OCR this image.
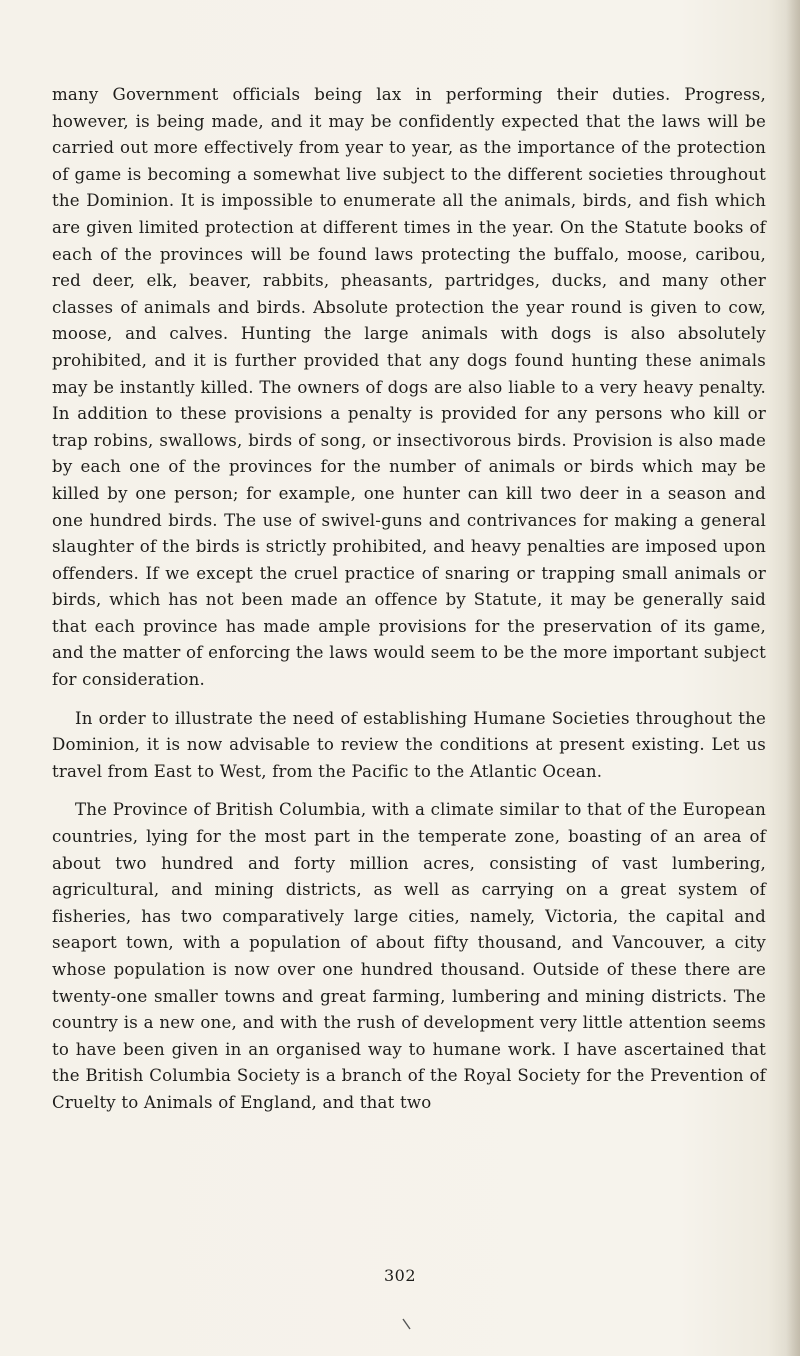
many Government officials being lax in performing their duties. Progress, however, is being made, and it may be confidently expected that the laws will be carried out more effectively from year to year, as the importance of the protection of game is becoming a somewhat live subject to the different societies throughout the Dominion. It is impossible to enumerate all the animals, birds, and fish which are given limited protection at different times in the year. On the Statute books of each of the provinces will be found laws protecting the buffalo, moose, caribou, red deer, elk, beaver, rabbits, pheasants, partridges, ducks, and many other classes of animals and birds. Absolute protection the year round is given to cow, moose, and calves. Hunting the large animals with dogs is also absolutely prohibited, and it is further provided that any dogs found hunting these animals may be instantly killed. The owners of dogs are also liable to a very heavy penalty. In addition to these provisions a penalty is provided for any persons who kill or trap robins, swallows, birds of song, or insectivorous birds. Provision is also made by each one of the provinces for the number of animals or birds which may be killed by one person; for example, one hunter can kill two deer in a season and one hundred birds. The use of swivel-guns and contrivances for making a general slaughter of the birds is strictly prohibited, and heavy penalties are imposed upon offenders. If we except the cruel practice of snaring or trapping small animals or birds, which has not been made an offence by Statute, it may be generally said that each province has made ample provisions for the preservation of its game, and the matter of enforcing the laws would seem to be the more important subject for consideration.

In order to illustrate the need of establishing Humane Societies throughout the Dominion, it is now advisable to review the conditions at present existing. Let us travel from East to West, from the Pacific to the Atlantic Ocean.

The Province of British Columbia, with a climate similar to that of the European countries, lying for the most part in the temperate zone, boasting of an area of about two hundred and forty million acres, consisting of vast lumbering, agricultural, and mining districts, as well as carrying on a great system of fisheries, has two comparatively large cities, namely, Victoria, the capital and seaport town, with a population of about fifty thousand, and Vancouver, a city whose population is now over one hundred thousand. Outside of these there are twenty-one smaller towns and great farming, lumbering and mining districts. The country is a new one, and with the rush of development very little attention seems to have been given in an organised way to humane work. I have ascertained that the British Columbia Society is a branch of the Royal Society for the Prevention of Cruelty to Animals of England, and that two

302
